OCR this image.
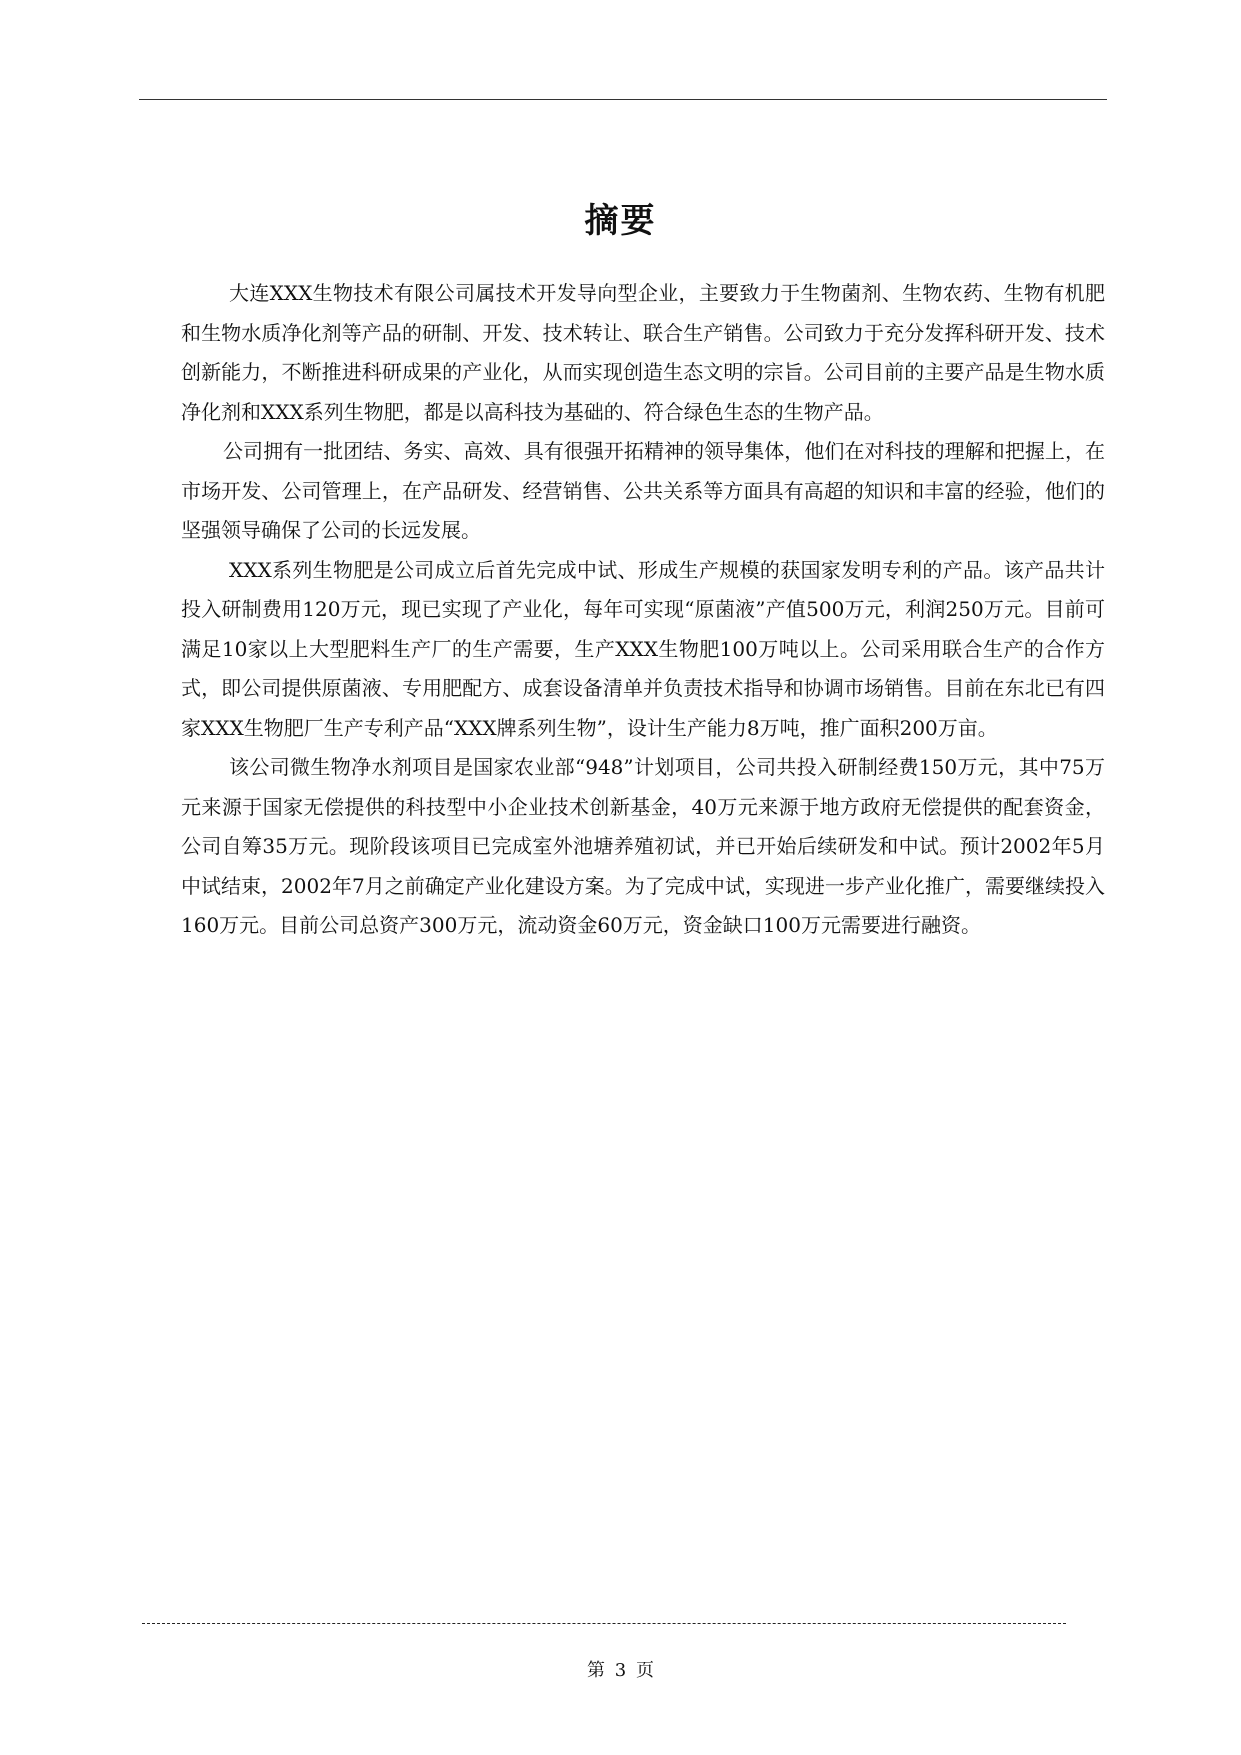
摘要

大连XXX生物技术有限公司属技术开发导向型企业，主要致力于生物菌剂、生物农药、生物有机肥和生物水质净化剂等产品的研制、开发、技术转让、联合生产销售。公司致力于充分发挥科研开发、技术创新能力，不断推进科研成果的产业化，从而实现创造生态文明的宗旨。公司目前的主要产品是生物水质净化剂和XXX系列生物肥，都是以高科技为基础的、符合绿色生态的生物产品。

公司拥有一批团结、务实、高效、具有很强开拓精神的领导集体，他们在对科技的理解和把握上，在市场开发、公司管理上，在产品研发、经营销售、公共关系等方面具有高超的知识和丰富的经验，他们的坚强领导确保了公司的长远发展。

XXX系列生物肥是公司成立后首先完成中试、形成生产规模的获国家发明专利的产品。该产品共计投入研制费用120万元，现已实现了产业化，每年可实现“原菌液”产值500万元，利润250万元。目前可满足10家以上大型肥料生产厂的生产需要，生产XXX生物肥100万吨以上。公司采用联合生产的合作方式，即公司提供原菌液、专用肥配方、成套设备清单并负责技术指导和协调市场销售。目前在东北已有四家XXX生物肥厂生产专利产品“XXX牌系列生物”，设计生产能力8万吨，推广面积200万亩。

该公司微生物净水剂项目是国家农业部“948”计划项目，公司共投入研制经费150万元，其中75万元来源于国家无偿提供的科技型中小企业技术创新基金，40万元来源于地方政府无偿提供的配套资金，公司自筹35万元。现阶段该项目已完成室外池塘养殖初试，并已开始后续研发和中试。预计2002年5月中试结束，2002年7月之前确定产业化建设方案。为了完成中试，实现进一步产业化推广，需要继续投入160万元。目前公司总资产300万元，流动资金60万元，资金缺口100万元需要进行融资。

第 3 页
